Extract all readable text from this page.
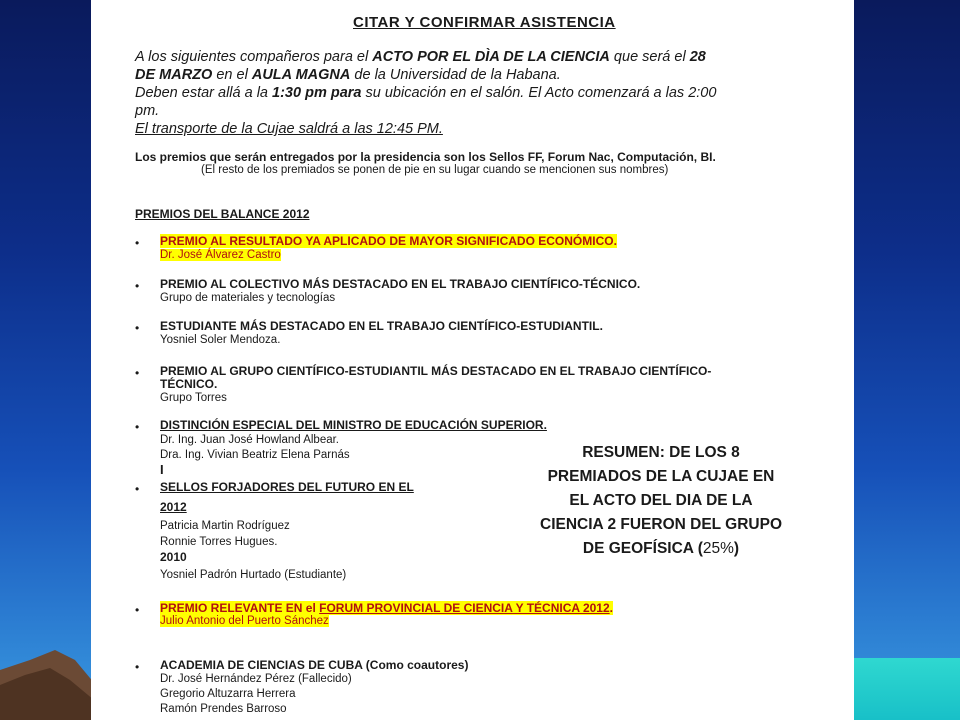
CITAR Y CONFIRMAR ASISTENCIA
A los siguientes compañeros para el ACTO POR EL DÌA DE LA CIENCIA que será el 28
DE MARZO en el AULA MAGNA de la Universidad de la Habana.
Deben estar allá a la 1:30 pm para su ubicación en el salón. El Acto comenzará a las 2:00
pm.
El transporte de la Cujae saldrá a las 12:45 PM.
Los premios que serán entregados por la presidencia son los Sellos FF, Forum Nac, Computación, BI.
(El resto de los premiados se ponen de pie en su lugar cuando se mencionen sus nombres)
PREMIOS DEL BALANCE 2012
• PREMIO AL RESULTADO YA APLICADO DE MAYOR SIGNIFICADO ECONÓMICO.
Dr. José Álvarez Castro
• PREMIO AL COLECTIVO MÁS DESTACADO EN EL TRABAJO CIENTÍFICO-TÉCNICO.
Grupo de materiales y tecnologías
• ESTUDIANTE MÁS DESTACADO EN EL TRABAJO CIENTÍFICO-ESTUDIANTIL.
Yosniel Soler Mendoza.
• PREMIO AL GRUPO CIENTÍFICO-ESTUDIANTIL MÁS DESTACADO EN EL TRABAJO CIENTÍFICO-
TÉCNICO.
Grupo Torres
• DISTINCIÓN ESPECIAL DEL MINISTRO DE EDUCACIÓN SUPERIOR.
Dr. Ing. Juan José Howland Albear.
Dra. Ing. Vivian Beatriz Elena Parnás
I
• SELLOS FORJADORES DEL FUTURO EN EL
2012
Patricia Martin Rodríguez
Ronnie Torres Hugues.
2010
Yosniel Padrón Hurtado (Estudiante)
• PREMIO RELEVANTE EN el FORUM PROVINCIAL DE CIENCIA Y TÉCNICA 2012.
Julio Antonio del Puerto Sánchez
• ACADEMIA DE CIENCIAS DE CUBA (Como coautores)
Dr. José Hernández Pérez (Fallecido)
Gregorio Altuzarra Herrera
Ramón Prendes Barroso
RESUMEN: DE LOS 8
PREMIADOS DE LA CUJAE EN
EL ACTO DEL DIA DE LA
CIENCIA 2 FUERON DEL GRUPO
DE GEOFÍSICA (25%)
